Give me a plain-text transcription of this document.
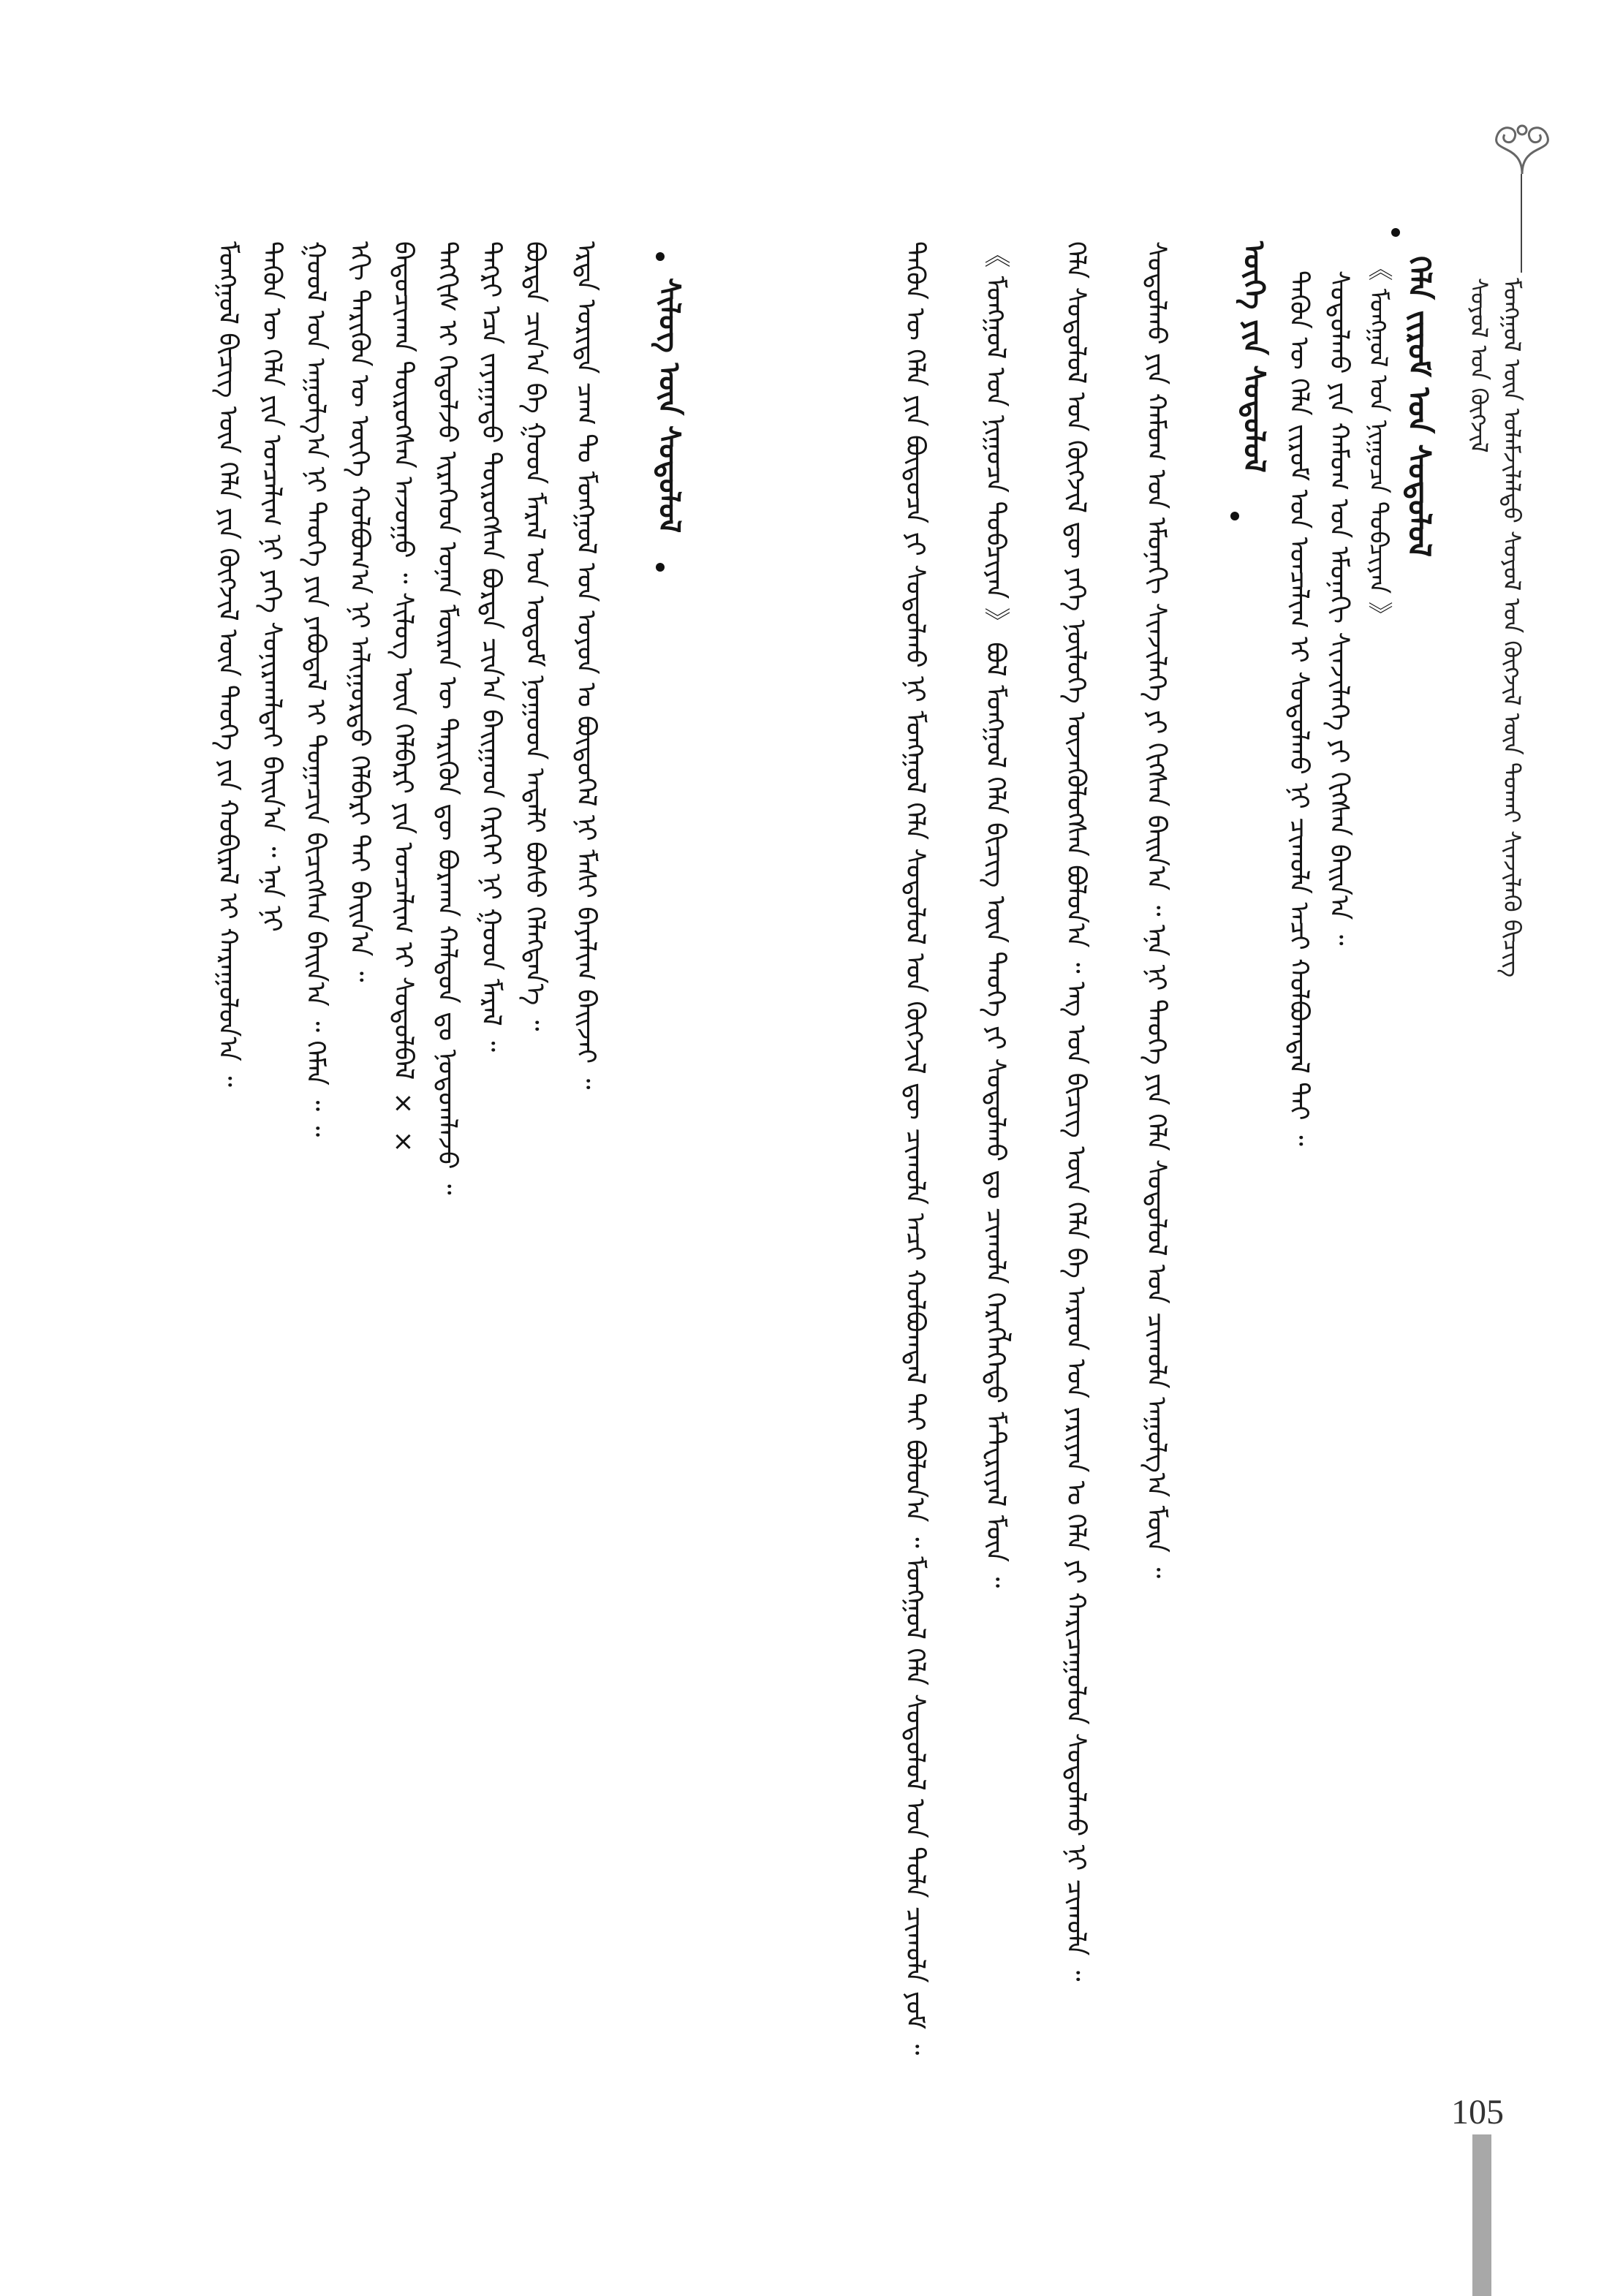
ᠮᠣᠩᠭᠣᠯ ᠦᠨ ᠤᠯᠠᠮᠵᠢᠯᠠᠯᠲᠤ ᠰᠣᠶᠣᠯ ᠤᠨ ᠬᠥᠭᠵᠢᠯ ᠦᠨ ᠲᠤᠬᠠᠢ ᠰᠢᠨᠵᠢᠯᠡᠬᠦ ᠪᠢᠴᠢᠭ
ᠰᠣᠶᠣᠯ ᠤᠨ ᠬᠥᠭᠵᠢᠯ
ᠬᠡᠯᠡ ᠵᠢᠷᠤᠮ ᠤᠨ ᠰᠤᠳᠤᠯᠤᠯ
《 ᠮᠣᠩᠭᠣᠯ ᠤᠨ ᠨᠢᠭᠤᠴᠠ ᠲᠣᠪᠴᠢᠶᠠᠨ 》
ᠰᠤᠳᠤᠯᠬᠤ ᠶᠢᠨ ᠬᠠᠮᠤᠭ ᠤᠨ ᠡᠮᠦᠨᠡᠬᠢ ᠰᠢᠨᠵᠢᠯᠡᠭᠡ ᠶᠢ ᠬᠢᠭᠰᠡᠨ ᠪᠠᠢᠨ᠎ᠠ ᠃
ᠲᠡᠭᠦᠨ ᠦ ᠬᠡᠯᠡ ᠵᠢᠷᠤᠮ ᠤᠨ ᠣᠨᠴᠠᠯᠢᠭ ᠢ ᠰᠤᠳᠤᠯᠬᠤ ᠨᠢ ᠴᠢᠬᠤᠯᠠ ᠠᠴᠢ ᠬᠤᠯᠪᠤᠭᠳᠠᠯ ᠲᠠᠢ ᠃
ᠦᠭᠡ ᠶᠢᠨ ᠰᠤᠳᠤᠯᠤᠯ
ᠰᠤᠳᠤᠯᠬᠤ ᠶᠢᠨ ᠬᠠᠮᠤᠭ ᠤᠨ ᠡᠮᠦᠨᠡᠬᠢ ᠰᠢᠨᠵᠢᠯᠡᠭᠡ ᠶᠢ ᠬᠢᠭᠰᠡᠨ ᠪᠠᠢᠨ᠎ᠠ ᠃ ᠡᠨᠡ ᠨᠢ ᠲᠡᠦᠬᠡ ᠶᠢᠨ ᠬᠡᠯᠡ ᠰᠤᠳᠤᠯᠤᠯ ᠤᠨ ᠴᠢᠬᠤᠯᠠ ᠠᠭᠤᠯᠭ᠎ᠠ ᠮᠥᠨ ᠃
ᠬᠡᠯᠡ ᠰᠤᠳᠤᠯᠤᠯ ᠤᠨ ᠬᠥᠭᠵᠢᠯ ᠳᠦ ᠶᠡᠬᠡ ᠨᠥᠯᠦᠭᠡ ᠦᠵᠡᠭᠦᠯᠦᠭᠰᠡᠨ ᠪᠣᠯᠤᠨ᠎ᠠ ᠃ ᠡᠩ ᠤᠨ ᠪᠢᠴᠢᠭ ᠦᠨ ᠬᠡᠯᠡ ᠪᠠ ᠠᠷᠠᠳ ᠤᠨ ᠶᠠᠷᠢᠶᠠᠨ ᠤ ᠬᠡᠯᠡ ᠶᠢ ᠬᠠᠷᠢᠴᠠᠭᠤᠯᠤᠨ ᠰᠤᠳᠤᠯᠬᠤ ᠨᠢ ᠴᠢᠬᠤᠯᠠ ᠃
《 ᠮᠣᠩᠭᠣᠯ ᠤᠨ ᠨᠢᠭᠤᠴᠠ ᠲᠣᠪᠴᠢᠶᠠᠨ 》 ᠪᠣᠯ ᠮᠣᠩᠭᠣᠯ ᠬᠡᠯᠡ ᠪᠢᠴᠢᠭ ᠦᠨ ᠲᠡᠦᠬᠡ ᠶᠢ ᠰᠤᠳᠤᠯᠬᠤ ᠳᠤ ᠴᠢᠬᠤᠯᠠ ᠬᠡᠷᠡᠭᠯᠡᠭᠡᠲᠦ ᠮᠠᠲ᠋ᠸᠷᠢᠶᠠᠯ ᠮᠥᠨ ᠃
ᠲᠡᠭᠦᠨ ᠦ ᠬᠡᠯᠡ ᠶᠢᠨ ᠪᠦᠲᠦᠴᠡ ᠶᠢ ᠰᠤᠳᠤᠯᠬᠤ ᠨᠢ ᠮᠣᠩᠭᠣᠯ ᠬᠡᠯᠡ ᠰᠤᠳᠤᠯᠤᠯ ᠤᠨ ᠬᠥᠭᠵᠢᠯ ᠳᠦ ᠴᠢᠬᠤᠯᠠ ᠠᠴᠢ ᠬᠣᠯᠪᠣᠭᠳᠠᠯ ᠲᠠᠢ ᠪᠣᠯᠤᠨ᠎ᠠ ᠃ ᠮᠣᠩᠭᠣᠯ ᠬᠡᠯᠡ ᠰᠤᠳᠤᠯᠤᠯ ᠤᠨ ᠲᠤᠯᠠ ᠴᠢᠬᠤᠯᠠ ᠶᠤᠮ ᠃
ᠰᠢᠯᠦᠭ ᠦᠨ ᠰᠤᠳᠤᠯᠤᠯ
ᠡᠷᠲᠡ ᠤᠷᠢᠳᠠ ᠴᠠᠭ ᠲᠤ ᠮᠣᠩᠭᠣᠯ ᠤᠨ ᠣᠶᠤᠨ ᠤ ᠪᠦᠲᠦᠭᠡᠯ ᠨᠢ ᠮᠠᠰᠢ ᠪᠠᠶᠠᠯᠢᠭ ᠪᠠᠢᠵᠠᠢ ᠃
ᠪᠤᠷᠲᠡ ᠴᠢᠨ᠎ᠠ ᠪᠠ ᠭᠣᠤᠠ ᠮᠠᠷᠠᠯ ᠤᠨ ᠤᠳᠤᠮ ᠨᠤᠭᠤᠳ ᠠᠳᠠᠯᠢ ᠪᠤᠰᠤ ᠬᠡᠯᠡᠭᠳᠡᠨ᠎ᠡ ᠃
ᠲᠡᠭᠷᠢ ᠡᠴᠡ ᠵᠠᠶᠠᠭᠠᠲᠤ ᠲᠥᠷᠦᠭᠰᠡᠨ ᠪᠤᠷᠲᠡ ᠴᠢᠨ᠎ᠠ ᠪᠠᠢᠭᠠᠳ ᠭᠡᠷᠭᠡᠢ ᠨᠢ ᠭᠣᠤᠠ ᠮᠠᠷᠠᠯ ᠃
ᠲᠩᠭᠢᠰ ᠢ ᠬᠡᠳᠦᠯᠵᠦ ᠢᠷᠡᠭᠡᠳ ᠣᠨᠠᠨ ᠮᠦᠷᠡᠨ ᠦ ᠲᠡᠷᠢᠭᠦᠨ ᠳᠦ ᠪᠤᠷᠬᠠᠨ ᠬᠠᠯᠳᠤᠨ ᠳᠤ ᠨᠤᠲᠤᠭᠯᠠᠵᠤ ᠃
ᠪᠠᠲᠤᠴᠢᠬᠠᠨ ᠲᠥᠷᠦᠭᠰᠡᠨ ᠠᠵᠤᠭᠤ ᠃ ᠰᠢᠯᠦᠭ ᠦᠨ ᠬᠡᠯᠪᠡᠷᠢ ᠶᠢᠨ ᠣᠨᠴᠠᠯᠢᠭ ᠢ ᠰᠤᠳᠤᠯᠪᠠᠯ × ×
ᠡᠬᠢ ᠲᠡᠷᠢᠭᠦᠨ ᠦ ᠦᠭᠡ ᠬᠣᠯᠪᠣᠭ᠎ᠠ ᠨᠢ ᠠᠯᠢᠭᠤᠷᠲᠤ ᠬᠡᠯᠪᠡᠷᠢ ᠲᠠᠢ ᠪᠠᠢᠨ᠎ᠠ ᠃
ᠭᠤᠤᠯ ᠤᠨ ᠠᠭᠤᠯᠭ᠎ᠠ ᠨᠢ ᠲᠡᠦᠬᠡ ᠶᠢᠨ ᠶᠠᠪᠤᠳᠠᠯ ᠢ ᠲᠣᠭᠠᠴᠢᠨ ᠪᠢᠴᠢᠭᠰᠡᠨ ᠪᠠᠢᠨ᠎ᠠ ᠃ ᠬᠡᠮᠡᠨ ᠃ ᠃
ᠲᠡᠭᠦᠨ ᠦ ᠬᠡᠯᠡ ᠶᠢᠨ ᠣᠨᠴᠠᠯᠢᠭ ᠨᠢ ᠶᠡᠬᠡ ᠰᠣᠨᠢᠷᠬᠠᠯᠲᠠᠢ ᠪᠠᠢᠨ᠎ᠠ ᠃ ᠡᠨᠡ ᠨᠢ
ᠮᠣᠩᠭᠣᠯ ᠪᠢᠴᠢᠭ ᠦᠨ ᠬᠡᠯᠡ ᠶᠢᠨ ᠬᠥᠭᠵᠢᠯ ᠦᠨ ᠲᠡᠦᠬᠡ ᠶᠢᠨ ᠬᠤᠪᠢᠷᠠᠯ ᠢ ᠬᠠᠷᠠᠭᠤᠯᠤᠨ᠎ᠠ ᠃
105
